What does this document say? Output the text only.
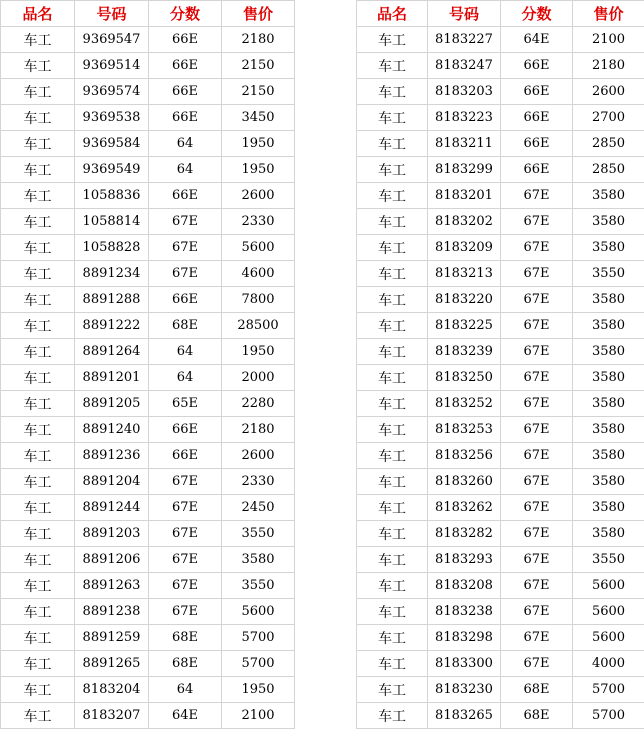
品名	号码	分数	售价		品名	号码	分数	售价
车工	9369547	66E	2180		车工	8183227	64E	2100
车工	9369514	66E	2150		车工	8183247	66E	2180
车工	9369574	66E	2150		车工	8183203	66E	2600
车工	9369538	66E	3450		车工	8183223	66E	2700
车工	9369584	64	1950		车工	8183211	66E	2850
车工	9369549	64	1950		车工	8183299	66E	2850
车工	1058836	66E	2600		车工	8183201	67E	3580
车工	1058814	67E	2330		车工	8183202	67E	3580
车工	1058828	67E	5600		车工	8183209	67E	3580
车工	8891234	67E	4600		车工	8183213	67E	3550
车工	8891288	66E	7800		车工	8183220	67E	3580
车工	8891222	68E	28500		车工	8183225	67E	3580
车工	8891264	64	1950		车工	8183239	67E	3580
车工	8891201	64	2000		车工	8183250	67E	3580
车工	8891205	65E	2280		车工	8183252	67E	3580
车工	8891240	66E	2180		车工	8183253	67E	3580
车工	8891236	66E	2600		车工	8183256	67E	3580
车工	8891204	67E	2330		车工	8183260	67E	3580
车工	8891244	67E	2450		车工	8183262	67E	3580
车工	8891203	67E	3550		车工	8183282	67E	3580
车工	8891206	67E	3580		车工	8183293	67E	3550
车工	8891263	67E	3550		车工	8183208	67E	5600
车工	8891238	67E	5600		车工	8183238	67E	5600
车工	8891259	68E	5700		车工	8183298	67E	5600
车工	8891265	68E	5700		车工	8183300	67E	4000
车工	8183204	64	1950		车工	8183230	68E	5700
车工	8183207	64E	2100		车工	8183265	68E	5700
